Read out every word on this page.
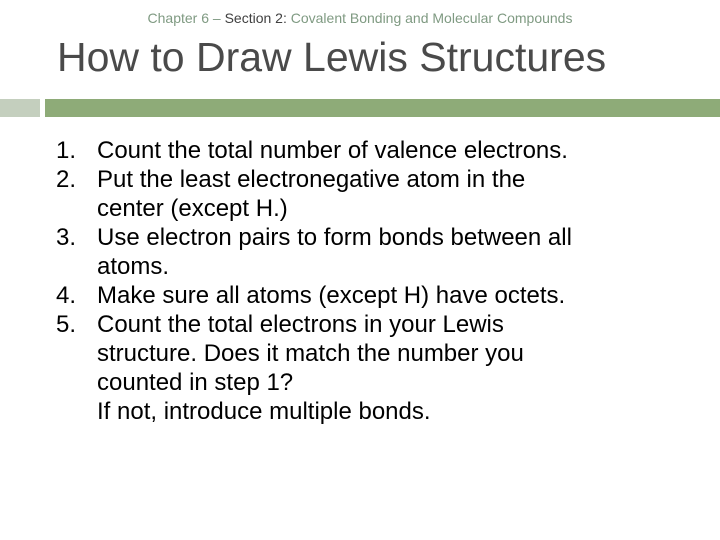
Chapter 6 – Section 2: Covalent Bonding and Molecular Compounds
How to Draw Lewis Structures
1. Count the total number of valence electrons.
2. Put the least electronegative atom in the
center (except H.)
3. Use electron pairs to form bonds between all
atoms.
4. Make sure all atoms (except H) have octets.
5. Count the total electrons in your Lewis
structure. Does it match the number you
counted in step 1?
If not, introduce multiple bonds.
